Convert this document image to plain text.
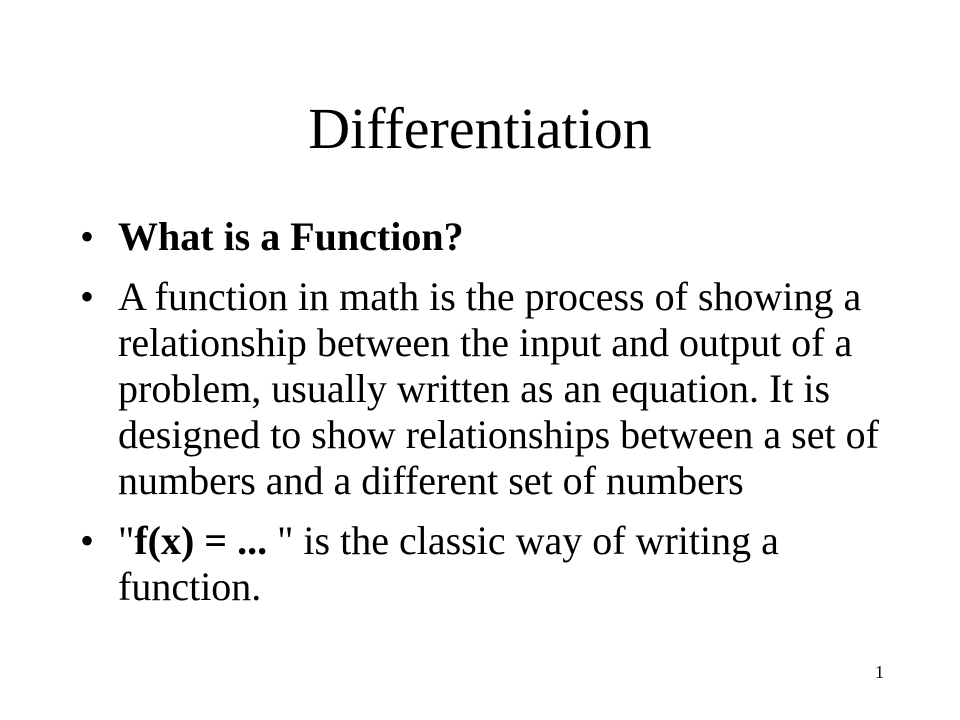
Differentiation
• What is a Function?
• A function in math is the process of showing a relationship between the input and output of a problem, usually written as an equation. It is designed to show relationships between a set of numbers and a different set of numbers
• "f(x) = ... " is the classic way of writing a function.
1
